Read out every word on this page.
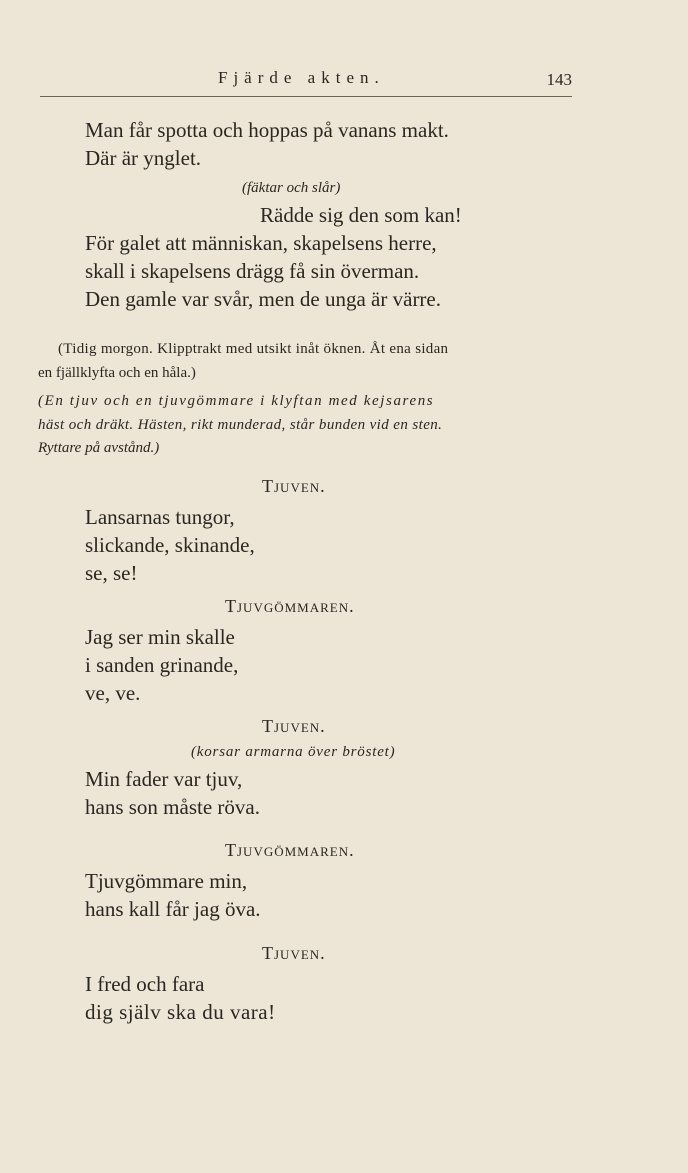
Fjärde akten.	143
Man får spotta och hoppas på vanans makt.
Där är ynglet.
(fäktar och slår)
Rädde sig den som kan!
För galet att människan, skapelsens herre,
skall i skapelsens drägg få sin överman.
Den gamle var svår, men de unga är värre.
(Tidig morgon. Klipptrakt med utsikt inåt öknen. Åt ena sidan
en fjällklyfta och en håla.)
(En tjuv och en tjuvgömmare i klyftan med kejsarens
häst och dräkt. Hästen, rikt munderad, står bunden vid en sten.
Ryttare på avstånd.)
Tjuven.
Lansarnas tungor,
slickande, skinande,
se, se!
Tjuvgömmaren.
Jag ser min skalle
i sanden grinande,
ve, ve.
Tjuven.
(korsar armarna över bröstet)
Min fader var tjuv,
hans son måste röva.
Tjuvgömmaren.
Tjuvgömmare min,
hans kall får jag öva.
Tjuven.
I fred och fara
dig själv ska du vara!
